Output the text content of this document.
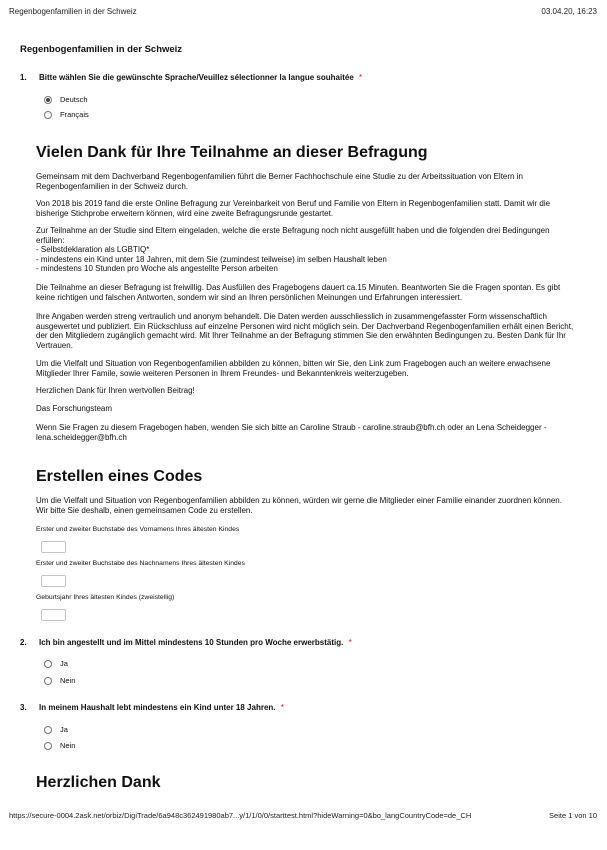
Regenbogenfamilien in der Schweiz	03.04.20, 16:23
Regenbogenfamilien in der Schweiz
1. Bitte wählen Sie die gewünschte Sprache/Veuillez sélectionner la langue souhaitée *
Deutsch
Français
Vielen Dank für Ihre Teilnahme an dieser Befragung
Gemeinsam mit dem Dachverband Regenbogenfamilien führt die Berner Fachhochschule eine Studie zu der Arbeitssituation von Eltern in Regenbogenfamilien in der Schweiz durch.
Von 2018 bis 2019 fand die erste Online Befragung zur Vereinbarkeit von Beruf und Familie von Eltern in Regenbogenfamilien statt. Damit wir die bisherige Stichprobe erweitern können, wird eine zweite Befragungsrunde gestartet.
Zur Teilnahme an der Studie sind Eltern eingeladen, welche die erste Befragung noch nicht ausgefüllt haben und die folgenden drei Bedingungen erfüllen:
- Selbstdeklaration als LGBTIQ*
- mindestens ein Kind unter 18 Jahren, mit dem Sie (zumindest teilweise) im selben Haushalt leben
- mindestens 10 Stunden pro Woche als angestellte Person arbeiten
Die Teilnahme an dieser Befragung ist freiwillig. Das Ausfüllen des Fragebogens dauert ca.15 Minuten. Beantworten Sie die Fragen spontan. Es gibt keine richtigen und falschen Antworten, sondern wir sind an Ihren persönlichen Meinungen und Erfahrungen interessiert.
Ihre Angaben werden streng vertraulich und anonym behandelt. Die Daten werden ausschliesslich in zusammengefasster Form wissenschaftlich ausgewertet und publiziert. Ein Rückschluss auf einzelne Personen wird nicht möglich sein. Der Dachverband Regenbogenfamilien erhält einen Bericht, der den Mitgliedern zugänglich gemacht wird. Mit Ihrer Teilnahme an der Befragung stimmen Sie den erwähnten Bedingungen zu. Besten Dank für Ihr Vertrauen.
Um die Vielfalt und Situation von Regenbogenfamilien abbilden zu können, bitten wir Sie, den Link zum Fragebogen auch an weitere erwachsene Mitglieder Ihrer Famile, sowie weiteren Personen in Ihrem Freundes- und Bekanntenkreis weiterzugeben.
Herzlichen Dank für Ihren wertvollen Beitrag!
Das Forschungsteam
Wenn Sie Fragen zu diesem Fragebogen haben, wenden Sie sich bitte an Caroline Straub - caroline.straub@bfh.ch oder an Lena Scheidegger - lena.scheidegger@bfh.ch
Erstellen eines Codes
Um die Vielfalt und Situation von Regenbogenfamilien abbilden zu können, würden wir gerne die Mitglieder einer Familie einander zuordnen können. Wir bitte Sie deshalb, einen gemeinsamen Code zu erstellen.
Erster und zweiter Buchstabe des Vornamens Ihres ältesten Kindes
Erster und zweiter Buchstabe des Nachnamens Ihres ältesten Kindes
Geburtsjahr Ihres ältesten Kindes (zweistellig)
2. Ich bin angestellt und im Mittel mindestens 10 Stunden pro Woche erwerbstätig. *
Ja
Nein
3. In meinem Haushalt lebt mindestens ein Kind unter 18 Jahren. *
Ja
Nein
Herzlichen Dank
https://secure-0004.2ask.net/orbiz/DigiTrade/6a948c362491980ab7...y/1/1/0/0/starttest.html?hideWarning=0&bo_langCountryCode=de_CH	Seite 1 von 10
